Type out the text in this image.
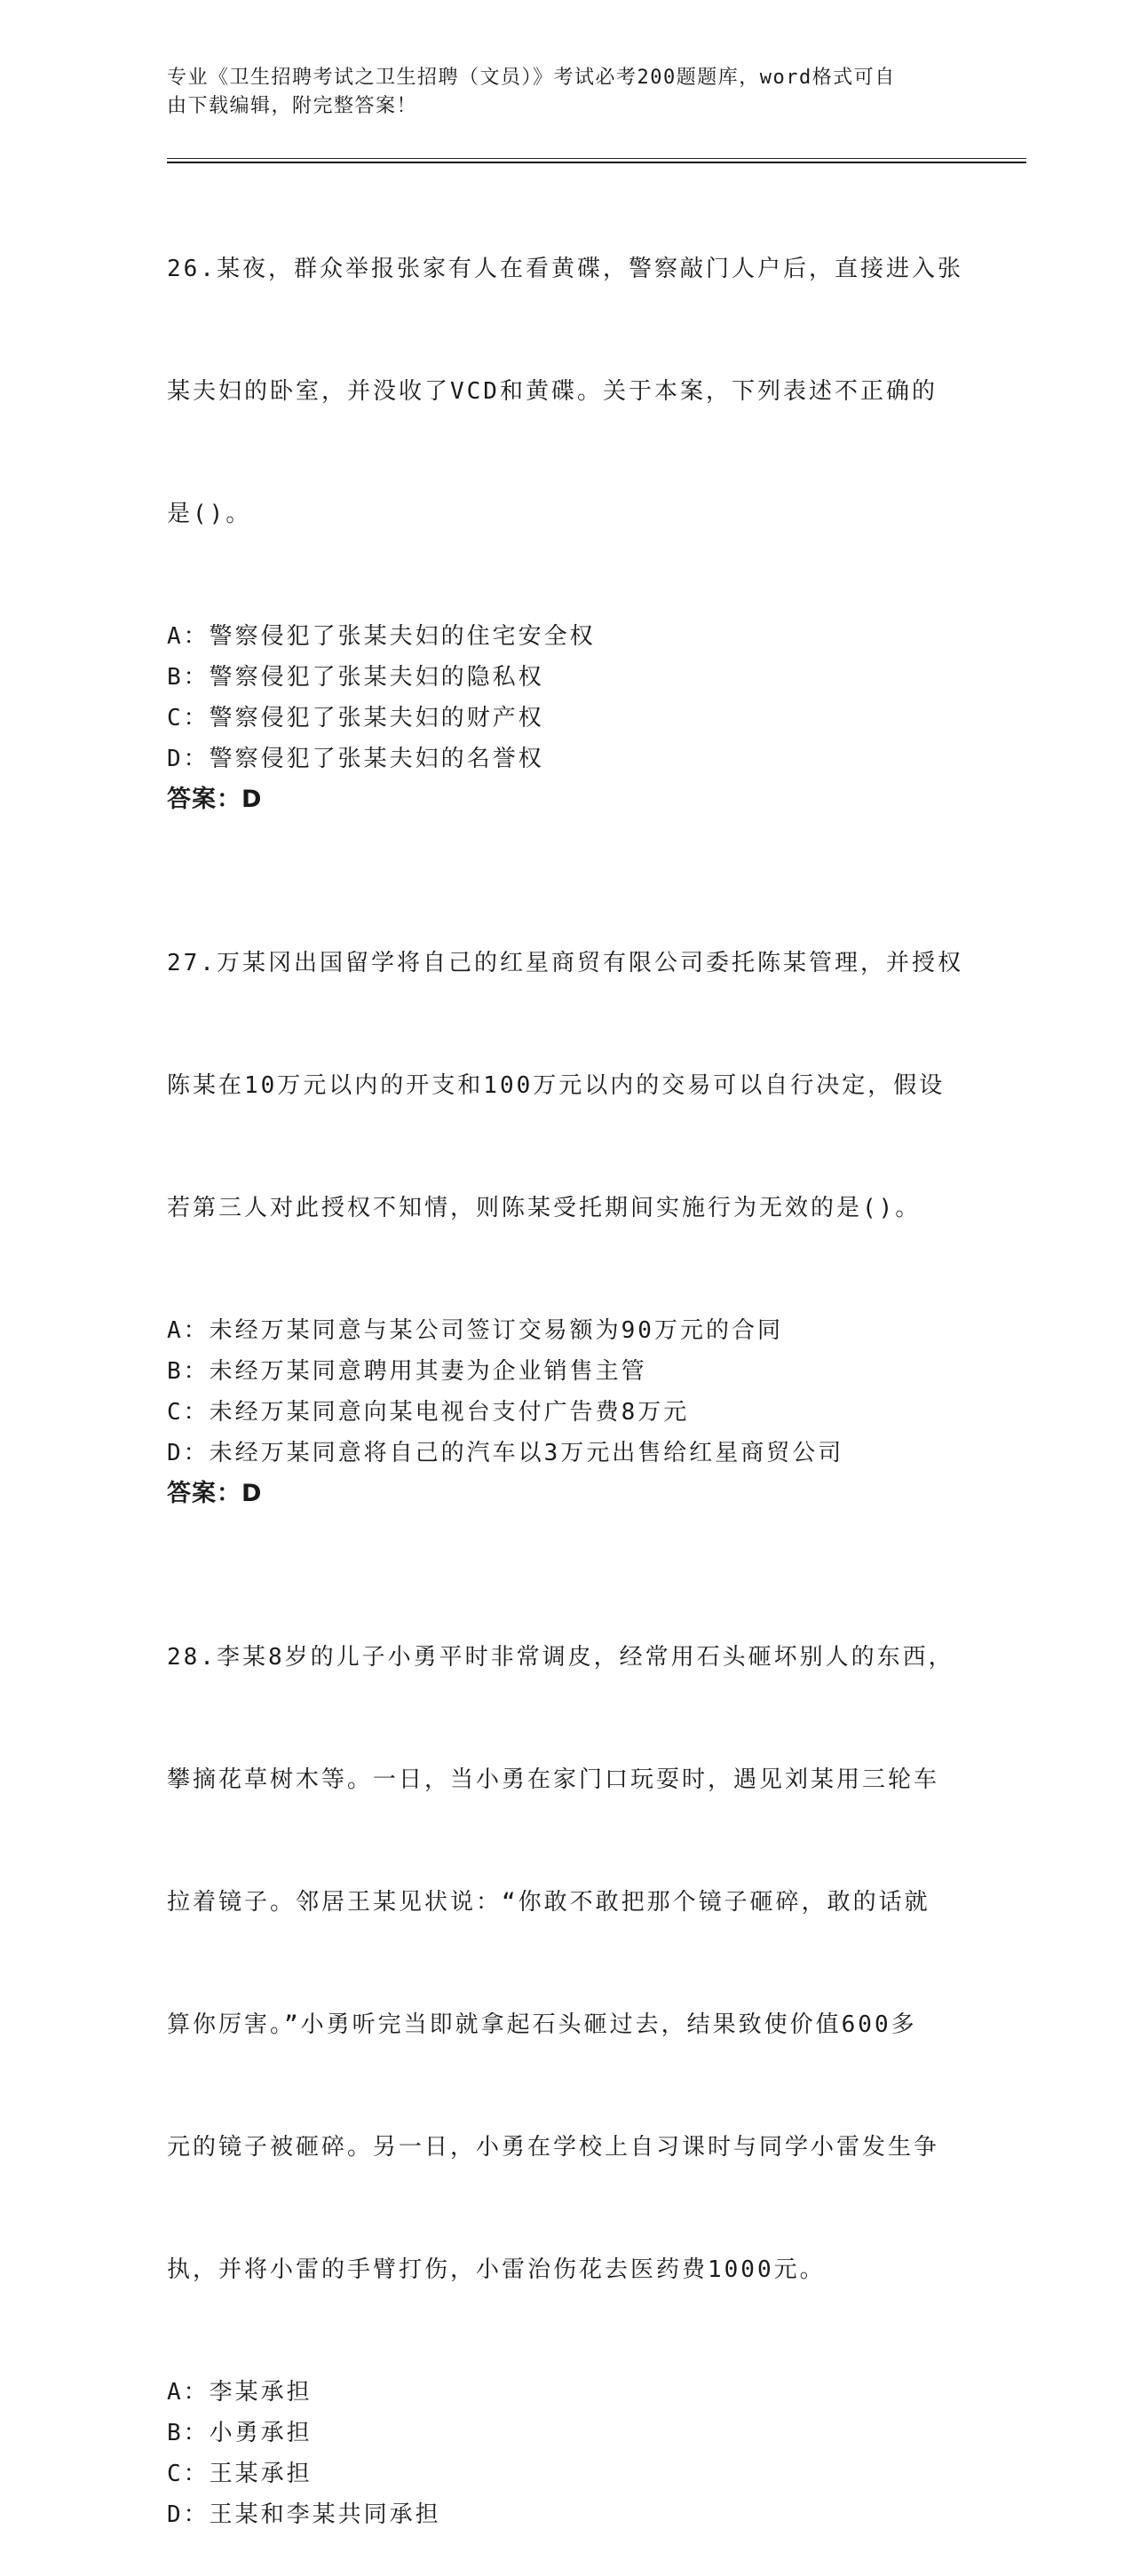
专业《卫生招聘考试之卫生招聘（文员）》考试必考200题题库，word格式可自
由下载编辑，附完整答案！

26.某夜，群众举报张家有人在看黄碟，警察敲门人户后，直接进入张

某夫妇的卧室，并没收了VCD和黄碟。关于本案，下列表述不正确的

是()。

A：警察侵犯了张某夫妇的住宅安全权
B：警察侵犯了张某夫妇的隐私权
C：警察侵犯了张某夫妇的财产权
D：警察侵犯了张某夫妇的名誉权
答案：D

27.万某冈出国留学将自己的红星商贸有限公司委托陈某管理，并授权

陈某在10万元以内的开支和100万元以内的交易可以自行决定，假设

若第三人对此授权不知情，则陈某受托期间实施行为无效的是()。

A：未经万某同意与某公司签订交易额为90万元的合同
B：未经万某同意聘用其妻为企业销售主管
C：未经万某同意向某电视台支付广告费8万元
D：未经万某同意将自己的汽车以3万元出售给红星商贸公司
答案：D

28.李某8岁的儿子小勇平时非常调皮，经常用石头砸坏别人的东西，

攀摘花草树木等。一日，当小勇在家门口玩耍时，遇见刘某用三轮车

拉着镜子。邻居王某见状说：“你敢不敢把那个镜子砸碎，敢的话就

算你厉害。”小勇听完当即就拿起石头砸过去，结果致使价值600多

元的镜子被砸碎。另一日，小勇在学校上自习课时与同学小雷发生争

执，并将小雷的手臂打伤，小雷治伤花去医药费1000元。

A：李某承担
B：小勇承担
C：王某承担
D：王某和李某共同承担
